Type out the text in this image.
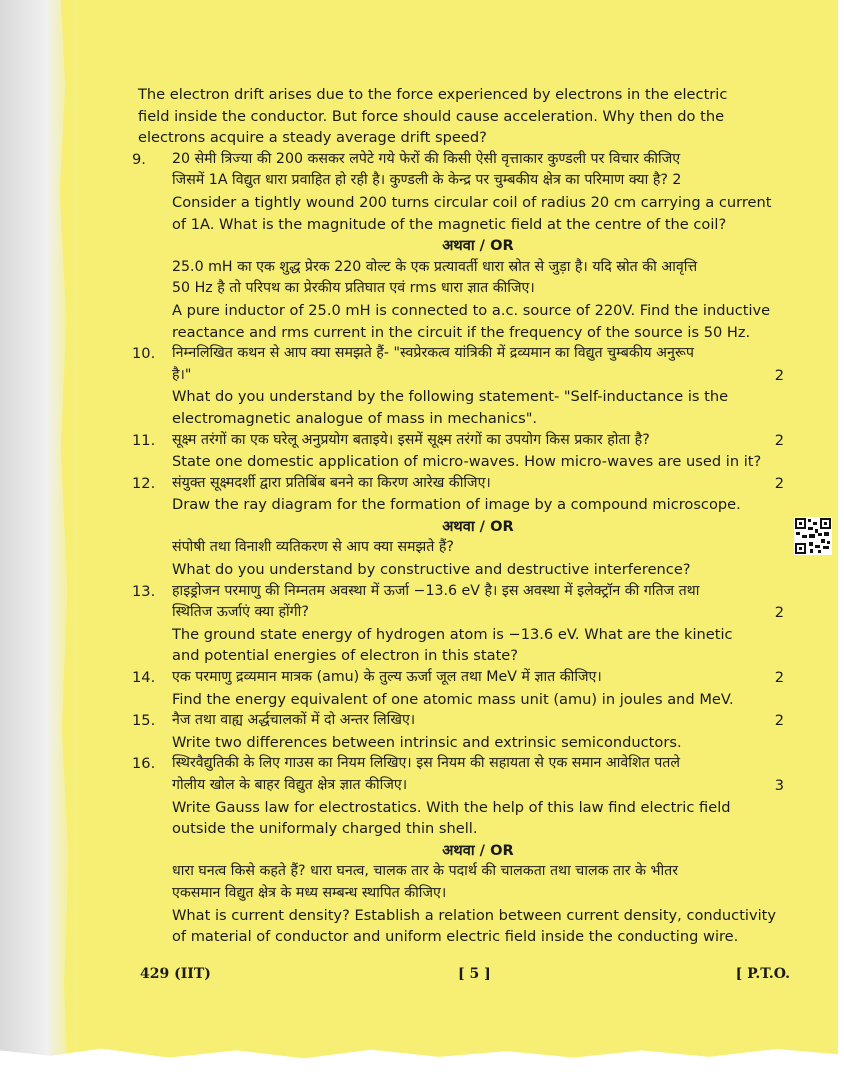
The electron drift arises due to the force experienced by electrons in the electric
field inside the conductor. But force should cause acceleration. Why then do the
electrons acquire a steady average drift speed?
9. 20 सेमी त्रिज्या की 200 कसकर लपेटे गये फेरों की किसी ऐसी वृत्ताकार कुण्डली पर विचार कीजिए
जिसमें 1A विद्युत धारा प्रवाहित हो रही है। कुण्डली के केन्द्र पर चुम्बकीय क्षेत्र का परिमाण क्या है? 2
Consider a tightly wound 200 turns circular coil of radius 20 cm carrying a current
of 1A. What is the magnitude of the magnetic field at the centre of the coil?
अथवा / OR
25.0 mH का एक शुद्ध प्रेरक 220 वोल्ट के एक प्रत्यावर्ती धारा स्रोत से जुड़ा है। यदि स्रोत की आवृत्ति
50 Hz है तो परिपथ का प्रेरकीय प्रतिघात एवं rms धारा ज्ञात कीजिए।
A pure inductor of 25.0 mH is connected to a.c. source of 220V. Find the inductive
reactance and rms current in the circuit if the frequency of the source is 50 Hz.
10. निम्नलिखित कथन से आप क्या समझते हैं- "स्वप्रेरकत्व यांत्रिकी में द्रव्यमान का विद्युत चुम्बकीय अनुरूप
है।"	2
What do you understand by the following statement- "Self-inductance is the
electromagnetic analogue of mass in mechanics".
11. सूक्ष्म तरंगों का एक घरेलू अनुप्रयोग बताइये। इसमें सूक्ष्म तरंगों का उपयोग किस प्रकार होता है?	2
State one domestic application of micro-waves. How micro-waves are used in it?
12. संयुक्त सूक्ष्मदर्शी द्वारा प्रतिबिंब बनने का किरण आरेख कीजिए।	2
Draw the ray diagram for the formation of image by a compound microscope.
अथवा / OR
संपोषी तथा विनाशी व्यतिकरण से आप क्या समझते हैं?
What do you understand by constructive and destructive interference?
13. हाइड्रोजन परमाणु की निम्नतम अवस्था में ऊर्जा −13.6 eV है। इस अवस्था में इलेक्ट्रॉन की गतिज तथा
स्थितिज ऊर्जाएं क्या होंगी?	2
The ground state energy of hydrogen atom is −13.6 eV. What are the kinetic
and potential energies of electron in this state?
14. एक परमाणु द्रव्यमान मात्रक (amu) के तुल्य ऊर्जा जूल तथा MeV में ज्ञात कीजिए।	2
Find the energy equivalent of one atomic mass unit (amu) in joules and MeV.
15. नैज तथा वाह्य अर्द्धचालकों में दो अन्तर लिखिए।	2
Write two differences between intrinsic and extrinsic semiconductors.
16. स्थिरवैद्युतिकी के लिए गाउस का नियम लिखिए। इस नियम की सहायता से एक समान आवेशित पतले
गोलीय खोल के बाहर विद्युत क्षेत्र ज्ञात कीजिए।	3
Write Gauss law for electrostatics. With the help of this law find electric field
outside the uniformaly charged thin shell.
अथवा / OR
धारा घनत्व किसे कहते हैं? धारा घनत्व, चालक तार के पदार्थ की चालकता तथा चालक तार के भीतर
एकसमान विद्युत क्षेत्र के मध्य सम्बन्ध स्थापित कीजिए।
What is current density? Establish a relation between current density, conductivity
of material of conductor and uniform electric field inside the conducting wire.
429 (IIT)	[ 5 ]	[ P.T.O.
